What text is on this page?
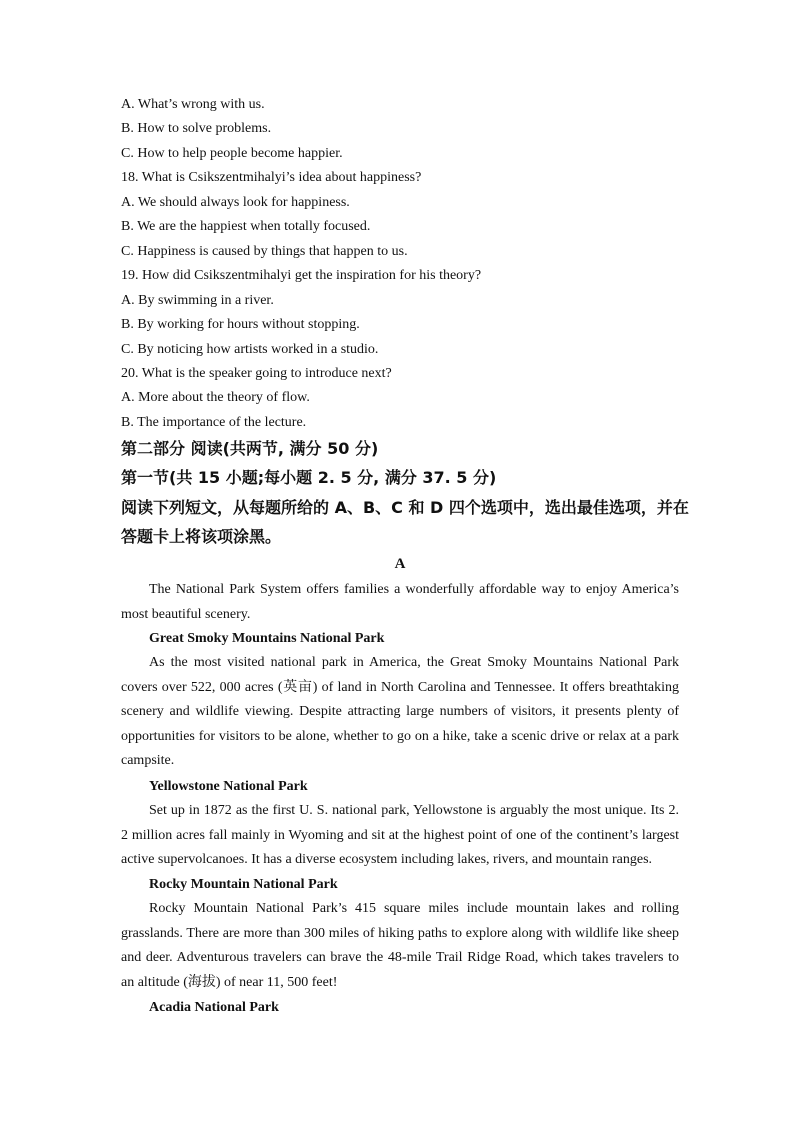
A. What’s wrong with us.
B. How to solve problems.
C. How to help people become happier.
18. What is Csikszentmihalyi’s idea about happiness?
A. We should always look for happiness.
B. We are the happiest when totally focused.
C. Happiness is caused by things that happen to us.
19. How did Csikszentmihalyi get the inspiration for his theory?
A. By swimming in a river.
B. By working for hours without stopping.
C. By noticing how artists worked in a studio.
20. What is the speaker going to introduce next?
A. More about the theory of flow.
B. The importance of the lecture.
第二部分 阅读(共两节, 满分 50 分)
第一节(共 15 小题;每小题 2. 5 分, 满分 37. 5 分)
阅读下列短文，从每题所给的 A、B、C 和 D 四个选项中，选出最佳选项，并在
答题卡上将该项涂黑。
A
The National Park System offers families a wonderfully affordable way to enjoy America’s most beautiful scenery.
Great Smoky Mountains National Park
As the most visited national park in America, the Great Smoky Mountains National Park covers over 522, 000 acres (英亩) of land in North Carolina and Tennessee. It offers breathtaking scenery and wildlife viewing. Despite attracting large numbers of visitors, it presents plenty of opportunities for visitors to be alone, whether to go on a hike, take a scenic drive or relax at a park campsite.
Yellowstone National Park
Set up in 1872 as the first U. S. national park, Yellowstone is arguably the most unique. Its 2. 2 million acres fall mainly in Wyoming and sit at the highest point of one of the continent’s largest active supervolcanoes. It has a diverse ecosystem including lakes, rivers, and mountain ranges.
Rocky Mountain National Park
Rocky Mountain National Park’s 415 square miles include mountain lakes and rolling grasslands. There are more than 300 miles of hiking paths to explore along with wildlife like sheep and deer. Adventurous travelers can brave the 48-mile Trail Ridge Road, which takes travelers to an altitude (海拔) of near 11, 500 feet!
Acadia National Park
